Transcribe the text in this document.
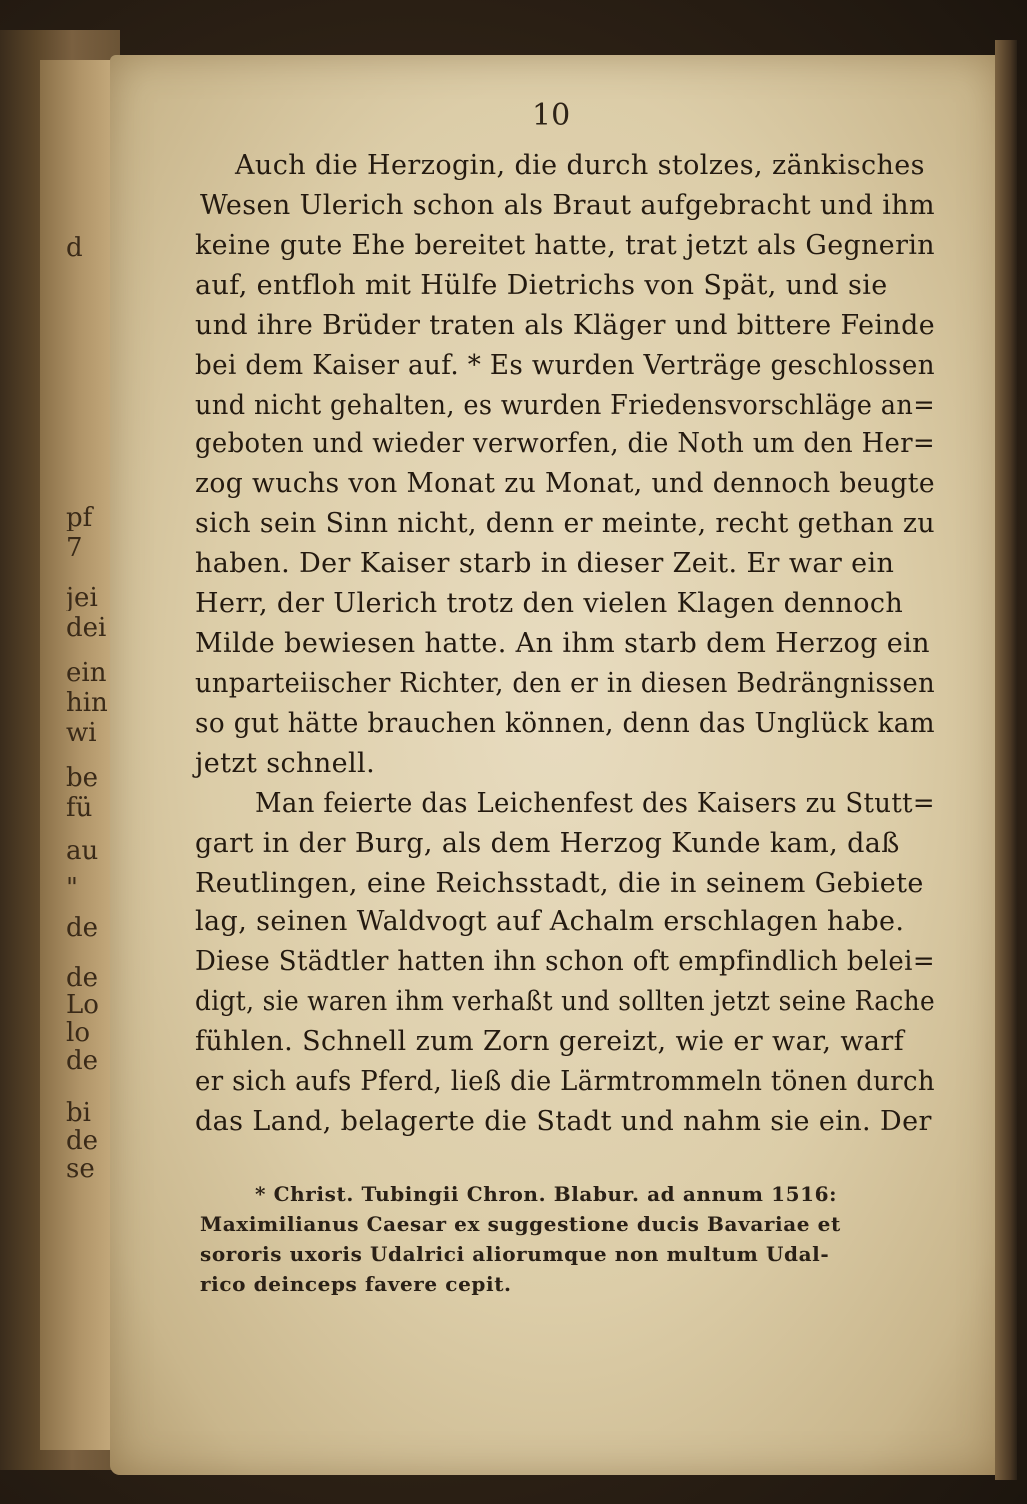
d
pf
7
jei
dei
ein
hin
wi
be
fü
au
"
de
de
Lo
lo
de
bi
de
se
10
Auch die Herzogin, die durch stolzes, zänkisches
Wesen Ulerich schon als Braut aufgebracht und ihm
keine gute Ehe bereitet hatte, trat jetzt als Gegnerin
auf, entfloh mit Hülfe Dietrichs von Spät, und sie
und ihre Brüder traten als Kläger und bittere Feinde
bei dem Kaiser auf. * Es wurden Verträge geschlossen
und nicht gehalten, es wurden Friedensvorschläge an=
geboten und wieder verworfen, die Noth um den Her=
zog wuchs von Monat zu Monat, und dennoch beugte
sich sein Sinn nicht, denn er meinte, recht gethan zu
haben. Der Kaiser starb in dieser Zeit. Er war ein
Herr, der Ulerich trotz den vielen Klagen dennoch
Milde bewiesen hatte. An ihm starb dem Herzog ein
unparteiischer Richter, den er in diesen Bedrängnissen
so gut hätte brauchen können, denn das Unglück kam
jetzt schnell.
Man feierte das Leichenfest des Kaisers zu Stutt=
gart in der Burg, als dem Herzog Kunde kam, daß
Reutlingen, eine Reichsstadt, die in seinem Gebiete
lag, seinen Waldvogt auf Achalm erschlagen habe.
Diese Städtler hatten ihn schon oft empfindlich belei=
digt, sie waren ihm verhaßt und sollten jetzt seine Rache
fühlen. Schnell zum Zorn gereizt, wie er war, warf
er sich aufs Pferd, ließ die Lärmtrommeln tönen durch
das Land, belagerte die Stadt und nahm sie ein. Der
* Christ. Tubingii Chron. Blabur. ad annum 1516:
Maximilianus Caesar ex suggestione ducis Bavariae et
sororis uxoris Udalrici aliorumque non multum Udal-
rico deinceps favere cepit.
